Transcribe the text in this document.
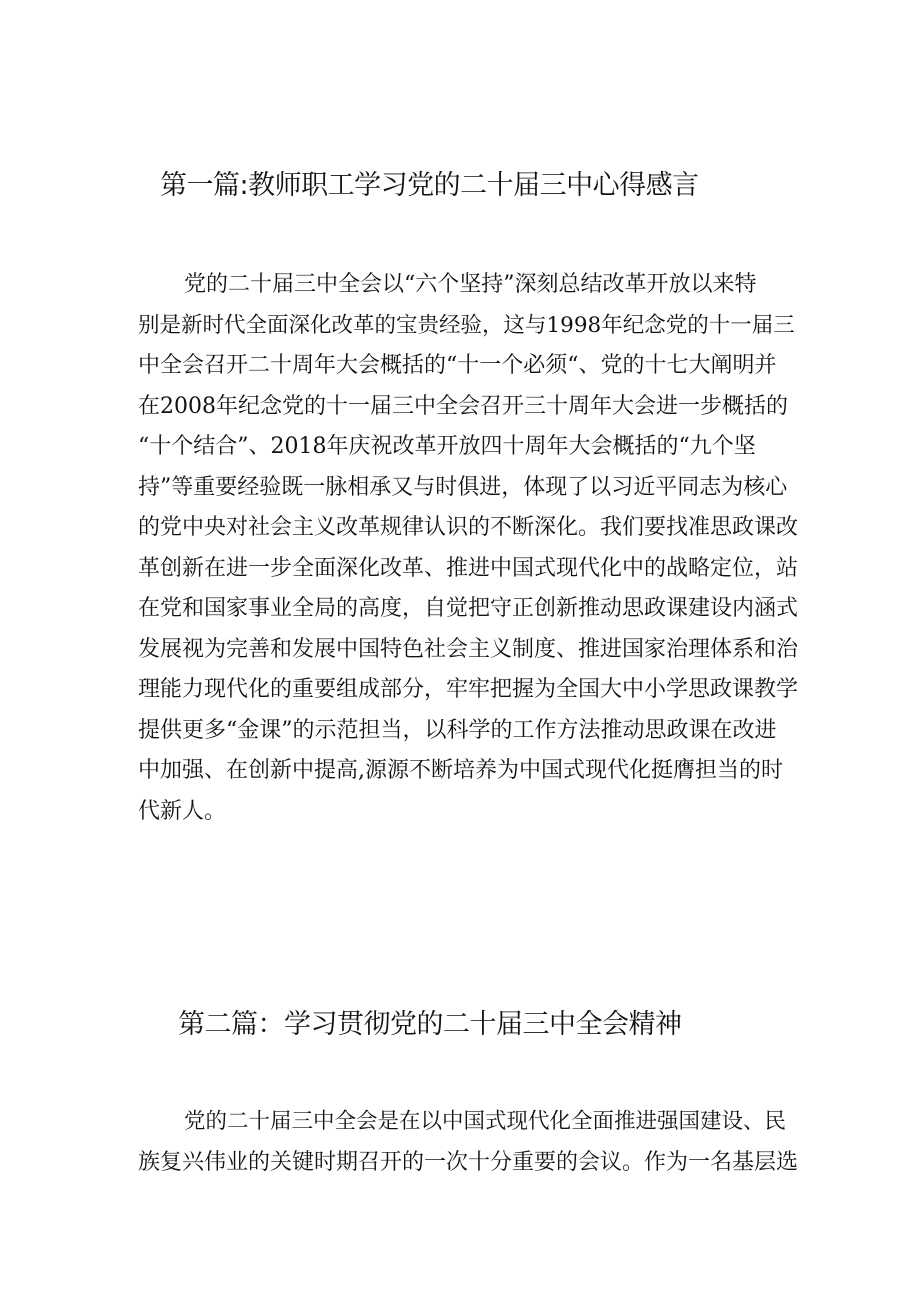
第一篇:教师职工学习党的二十届三中心得感言
党的二十届三中全会以“六个坚持”深刻总结改革开放以来特
别是新时代全面深化改革的宝贵经验，这与1998年纪念党的十一届三
中全会召开二十周年大会概括的“十一个必须“、党的十七大阐明并
在2008年纪念党的十一届三中全会召开三十周年大会进一步概括的
“十个结合”、2018年庆祝改革开放四十周年大会概括的“九个坚
持”等重要经验既一脉相承又与时俱进，体现了以习近平同志为核心
的党中央对社会主义改革规律认识的不断深化。我们要找准思政课改
革创新在进一步全面深化改革、推进中国式现代化中的战略定位，站
在党和国家事业全局的高度，自觉把守正创新推动思政课建设内涵式
发展视为完善和发展中国特色社会主义制度、推进国家治理体系和治
理能力现代化的重要组成部分，牢牢把握为全国大中小学思政课教学
提供更多“金课”的示范担当，以科学的工作方法推动思政课在改进
中加强、在创新中提高,源源不断培养为中国式现代化挺膺担当的时
代新人。
第二篇：学习贯彻党的二十届三中全会精神
党的二十届三中全会是在以中国式现代化全面推进强国建设、民
族复兴伟业的关键时期召开的一次十分重要的会议。作为一名基层选
